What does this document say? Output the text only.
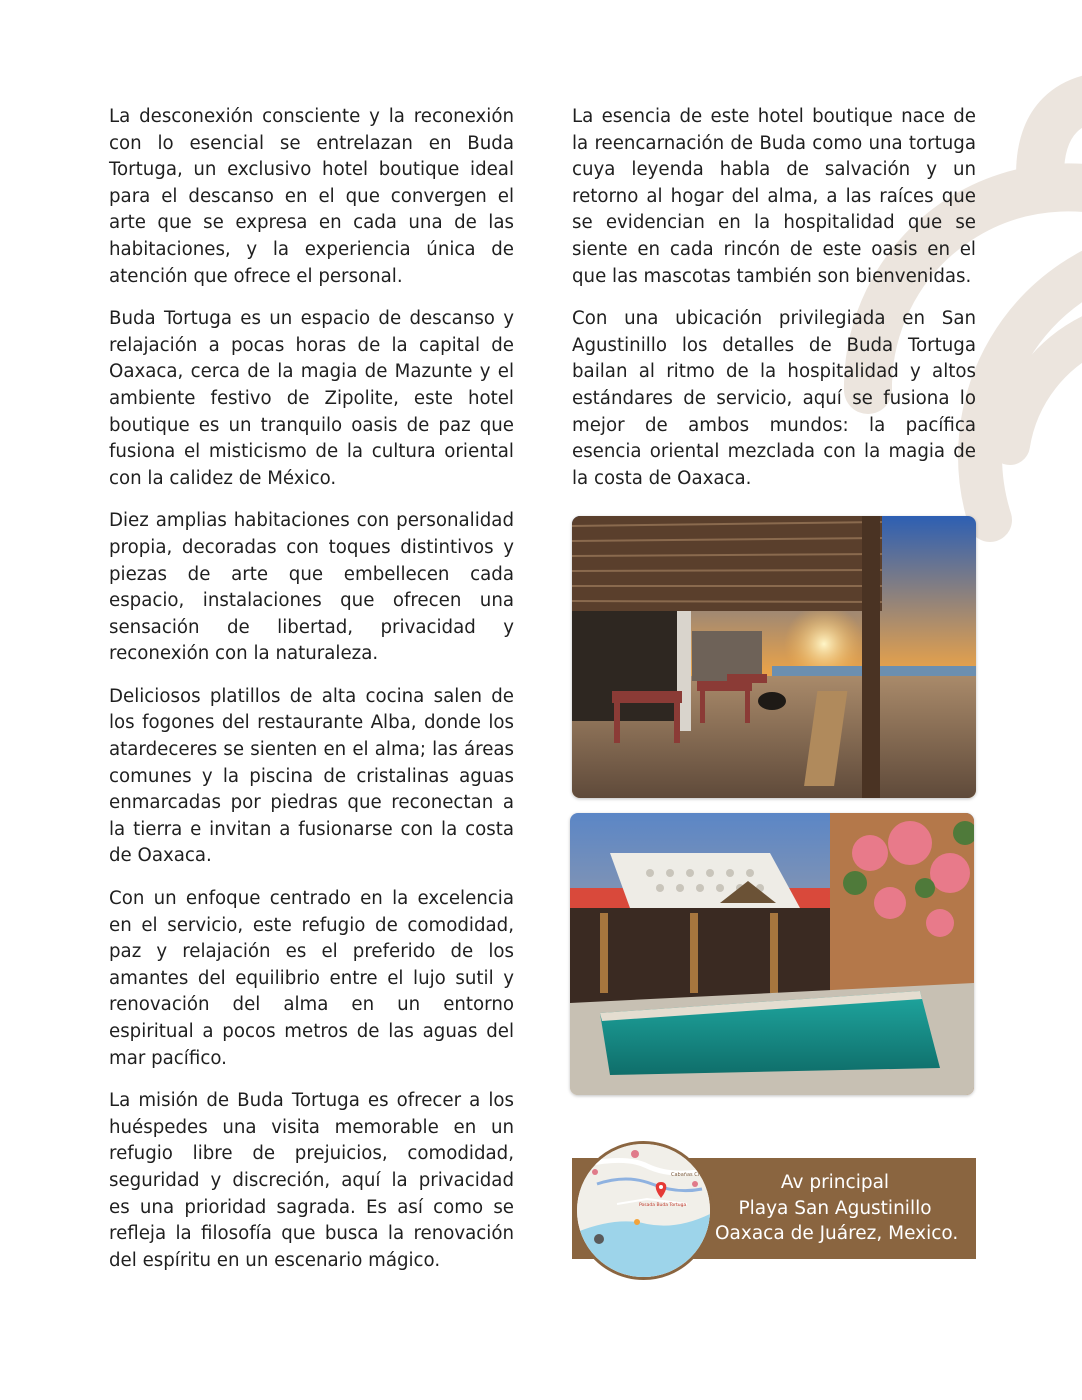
La desconexión consciente y la reconexión con lo esencial se entrelazan en Buda Tortuga, un exclusivo hotel boutique ideal para el descanso en el que convergen el arte que se expresa en cada una de las habitaciones, y la experiencia única de atención que ofrece el personal.

Buda Tortuga es un espacio de descanso y relajación a pocas horas de la capital de Oaxaca, cerca de la magia de Mazunte y el ambiente festivo de Zipolite, este hotel boutique es un tranquilo oasis de paz que fusiona el misticismo de la cultura oriental con la calidez de México.

Diez amplias habitaciones con personalidad propia, decoradas con toques distintivos y piezas de arte que embellecen cada espacio, instalaciones que ofrecen una sensación de libertad, privacidad y reconexión con la naturaleza.

Deliciosos platillos de alta cocina salen de los fogones del restaurante Alba, donde los atardeceres se sienten en el alma; las áreas comunes y la piscina de cristalinas aguas enmarcadas por piedras que reconectan a la tierra e invitan a fusionarse con la costa de Oaxaca.

Con un enfoque centrado en la excelencia en el servicio, este refugio de comodidad, paz y relajación es el preferido de los amantes del equilibrio entre el lujo sutil y renovación del alma en un entorno espiritual a pocos metros de las aguas del mar pacífico.

La misión de Buda Tortuga es ofrecer a los huéspedes una visita memorable en un refugio libre de prejuicios, comodidad, seguridad y discreción, aquí la privacidad es una prioridad sagrada. Es así como se refleja la filosofía que busca la renovación del espíritu en un escenario mágico.

La esencia de este hotel boutique nace de la reencarnación de Buda como una tortuga cuya leyenda habla de salvación y un retorno al hogar del alma, a las raíces que se evidencian en la hospitalidad que se siente en cada rincón de este oasis en el que las mascotas también son bienvenidas.

Con una ubicación privilegiada en San Agustinillo los detalles de Buda Tortuga bailan al ritmo de la hospitalidad y altos estándares de servicio, aquí se fusiona lo mejor de ambos mundos: la pacífica esencia oriental mezclada con la magia de la costa de Oaxaca.

Av principal
Playa San Agustinillo
Oaxaca de Juárez, Mexico.
Posada Buda Tortuga
Cabañas Chu
